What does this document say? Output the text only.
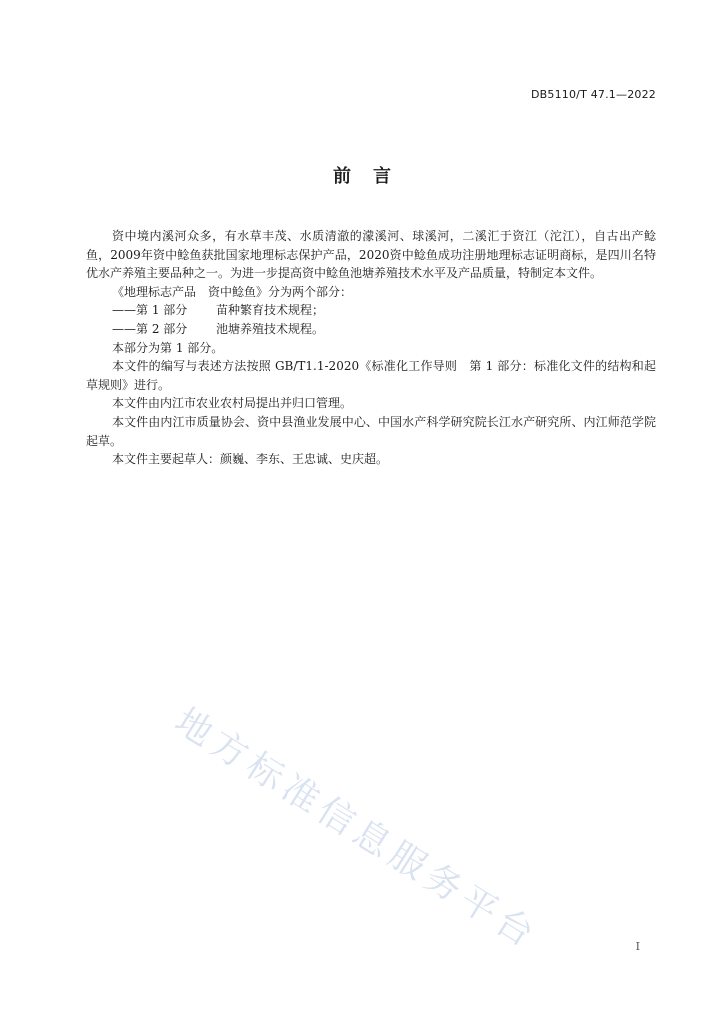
DB5110/T 47.1—2022
前言

资中境内溪河众多，有水草丰茂、水质清澈的濛溪河、球溪河，二溪汇于资江（沱江），自古出产鲶鱼，2009年资中鲶鱼获批国家地理标志保护产品，2020资中鲶鱼成功注册地理标志证明商标，是四川名特优水产养殖主要品种之一。为进一步提高资中鲶鱼池塘养殖技术水平及产品质量，特制定本文件。

《地理标志产品　资中鲶鱼》分为两个部分：

——第 1 部分 苗种繁育技术规程；

——第 2 部分 池塘养殖技术规程。

本部分为第 1 部分。

本文件的编写与表述方法按照 GB/T1.1-2020《标准化工作导则　第 1 部分：标准化文件的结构和起草规则》进行。

本文件由内江市农业农村局提出并归口管理。

本文件由内江市质量协会、资中县渔业发展中心、中国水产科学研究院长江水产研究所、内江师范学院起草。

本文件主要起草人：颜巍、李东、王忠诚、史庆超。

地方标准信息服务平台	I
